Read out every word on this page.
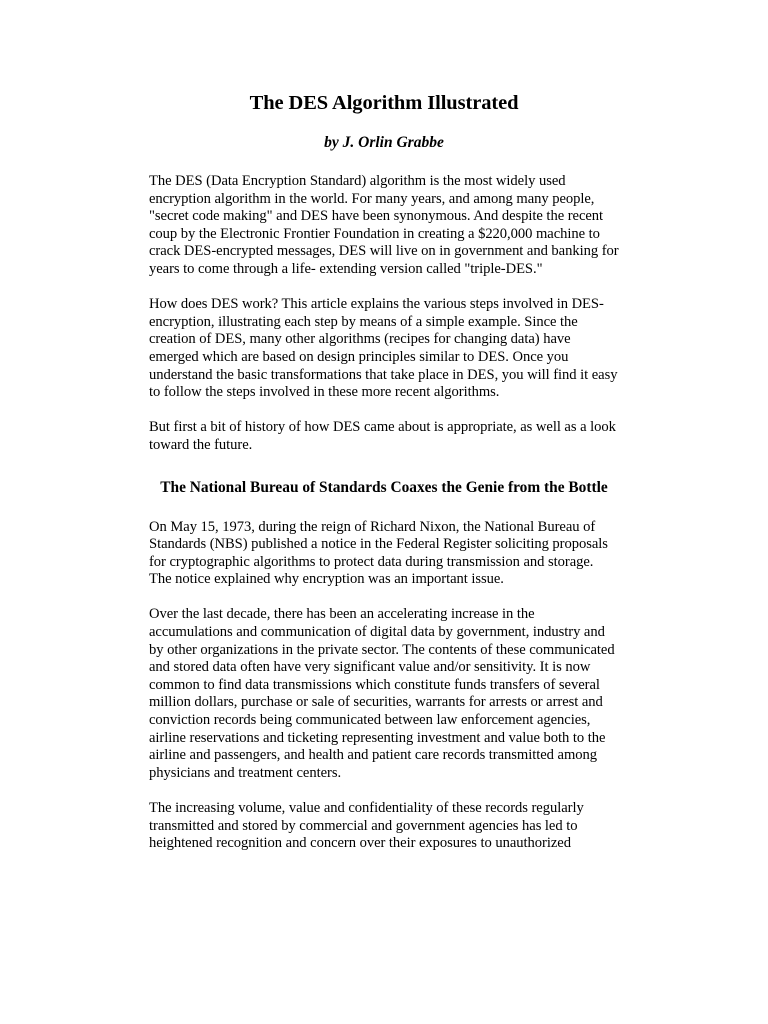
The DES Algorithm Illustrated
by J. Orlin Grabbe

The DES (Data Encryption Standard) algorithm is the most widely used encryption algorithm in the world. For many years, and among many people, "secret code making" and DES have been synonymous. And despite the recent coup by the Electronic Frontier Foundation in creating a $220,000 machine to crack DES-encrypted messages, DES will live on in government and banking for years to come through a life- extending version called "triple-DES."

How does DES work? This article explains the various steps involved in DES-encryption, illustrating each step by means of a simple example. Since the creation of DES, many other algorithms (recipes for changing data) have emerged which are based on design principles similar to DES. Once you understand the basic transformations that take place in DES, you will find it easy to follow the steps involved in these more recent algorithms.

But first a bit of history of how DES came about is appropriate, as well as a look toward the future.

The National Bureau of Standards Coaxes the Genie from the Bottle

On May 15, 1973, during the reign of Richard Nixon, the National Bureau of Standards (NBS) published a notice in the Federal Register soliciting proposals for cryptographic algorithms to protect data during transmission and storage. The notice explained why encryption was an important issue.

Over the last decade, there has been an accelerating increase in the accumulations and communication of digital data by government, industry and by other organizations in the private sector. The contents of these communicated and stored data often have very significant value and/or sensitivity. It is now common to find data transmissions which constitute funds transfers of several million dollars, purchase or sale of securities, warrants for arrests or arrest and conviction records being communicated between law enforcement agencies, airline reservations and ticketing representing investment and value both to the airline and passengers, and health and patient care records transmitted among physicians and treatment centers.

The increasing volume, value and confidentiality of these records regularly transmitted and stored by commercial and government agencies has led to heightened recognition and concern over their exposures to unauthorized
